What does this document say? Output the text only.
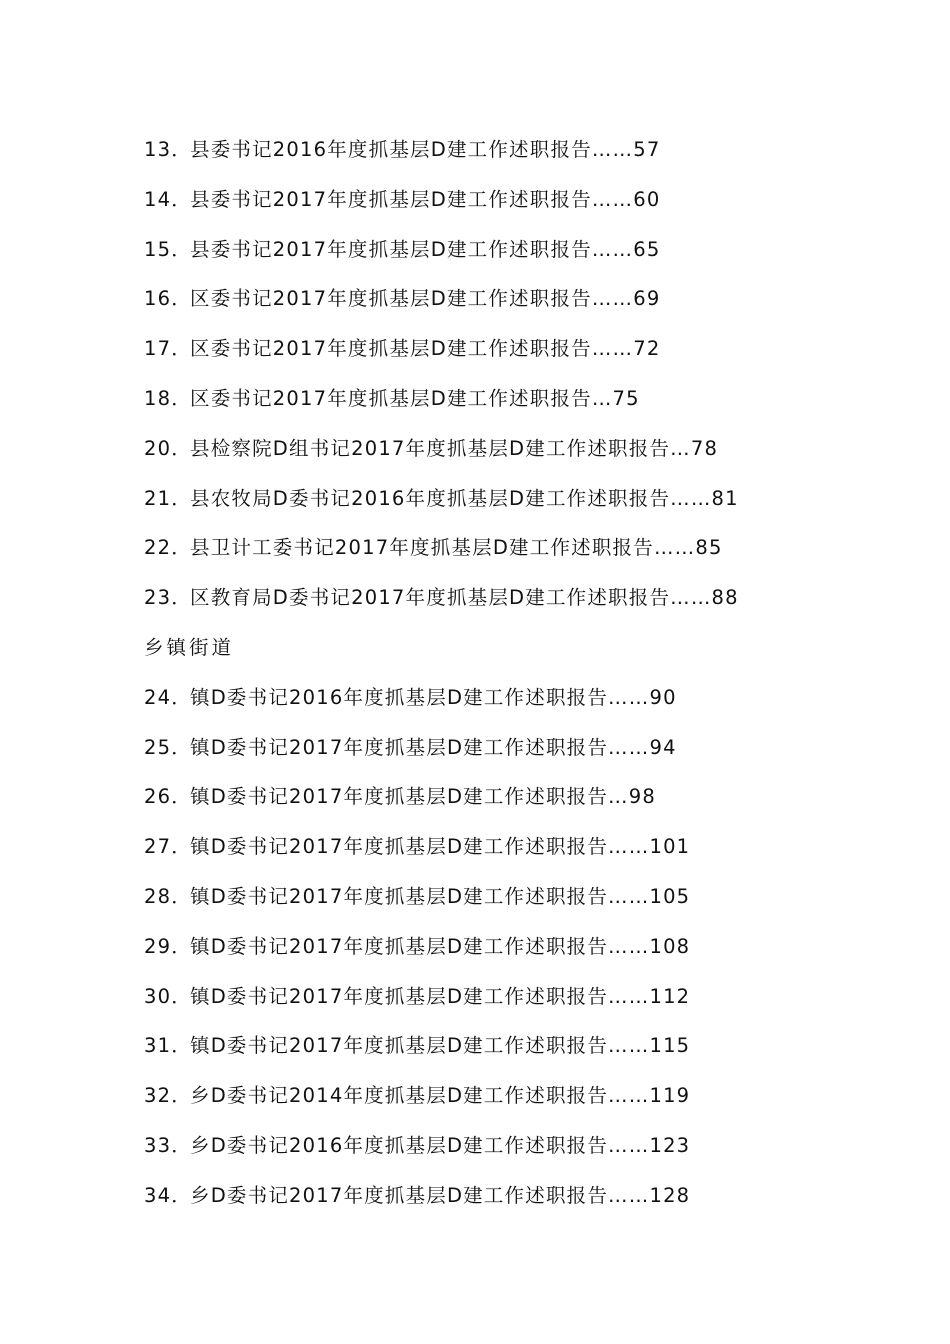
13．县委书记2016年度抓基层D建工作述职报告……57
14．县委书记2017年度抓基层D建工作述职报告……60
15．县委书记2017年度抓基层D建工作述职报告……65
16．区委书记2017年度抓基层D建工作述职报告……69
17．区委书记2017年度抓基层D建工作述职报告……72
18．区委书记2017年度抓基层D建工作述职报告…75
20．县检察院D组书记2017年度抓基层D建工作述职报告…78
21．县农牧局D委书记2016年度抓基层D建工作述职报告……81
22．县卫计工委书记2017年度抓基层D建工作述职报告……85
23．区教育局D委书记2017年度抓基层D建工作述职报告……88
乡镇街道
24．镇D委书记2016年度抓基层D建工作述职报告……90
25．镇D委书记2017年度抓基层D建工作述职报告……94
26．镇D委书记2017年度抓基层D建工作述职报告…98
27．镇D委书记2017年度抓基层D建工作述职报告……101
28．镇D委书记2017年度抓基层D建工作述职报告……105
29．镇D委书记2017年度抓基层D建工作述职报告……108
30．镇D委书记2017年度抓基层D建工作述职报告……112
31．镇D委书记2017年度抓基层D建工作述职报告……115
32．乡D委书记2014年度抓基层D建工作述职报告……119
33．乡D委书记2016年度抓基层D建工作述职报告……123
34．乡D委书记2017年度抓基层D建工作述职报告……128
